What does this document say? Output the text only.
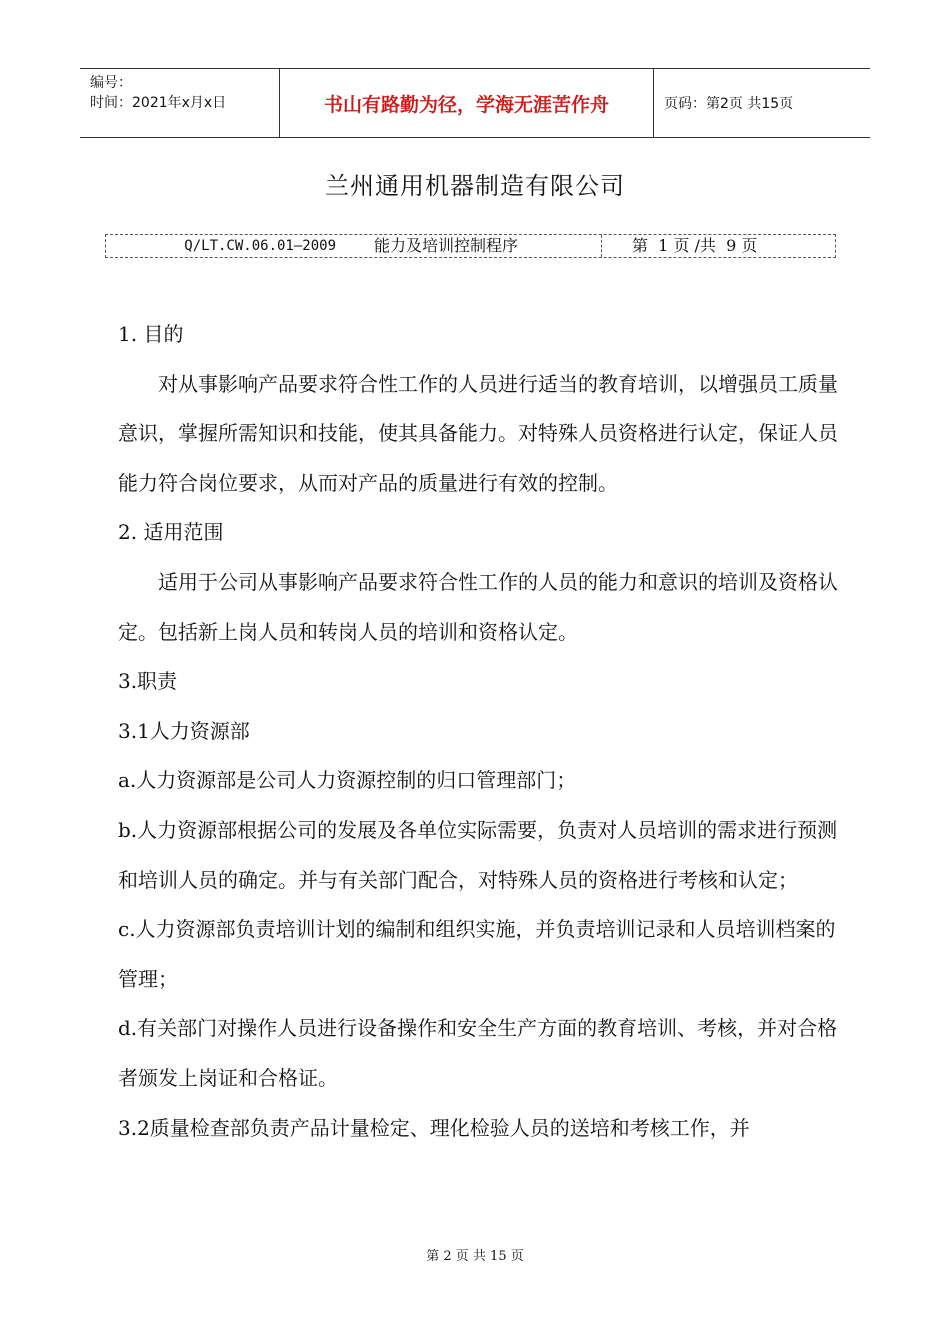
编号：
时间：2021年x月x日	书山有路勤为径，学海无涯苦作舟	页码：第2页 共15页
兰州通用机器制造有限公司
Q/LT.CW.06.01—2009	能力及培训控制程序	第  1 页 /共  9 页

1. 目的

对从事影响产品要求符合性工作的人员进行适当的教育培训，以增强员工质量意识，掌握所需知识和技能，使其具备能力。对特殊人员资格进行认定，保证人员能力符合岗位要求，从而对产品的质量进行有效的控制。

2. 适用范围

适用于公司从事影响产品要求符合性工作的人员的能力和意识的培训及资格认定。包括新上岗人员和转岗人员的培训和资格认定。

3.职责

3.1人力资源部

a.人力资源部是公司人力资源控制的归口管理部门；

b.人力资源部根据公司的发展及各单位实际需要，负责对人员培训的需求进行预测和培训人员的确定。并与有关部门配合，对特殊人员的资格进行考核和认定；

c.人力资源部负责培训计划的编制和组织实施，并负责培训记录和人员培训档案的管理；

d.有关部门对操作人员进行设备操作和安全生产方面的教育培训、考核，并对合格者颁发上岗证和合格证。

3.2质量检查部负责产品计量检定、理化检验人员的送培和考核工作，并

第 2 页 共 15 页
